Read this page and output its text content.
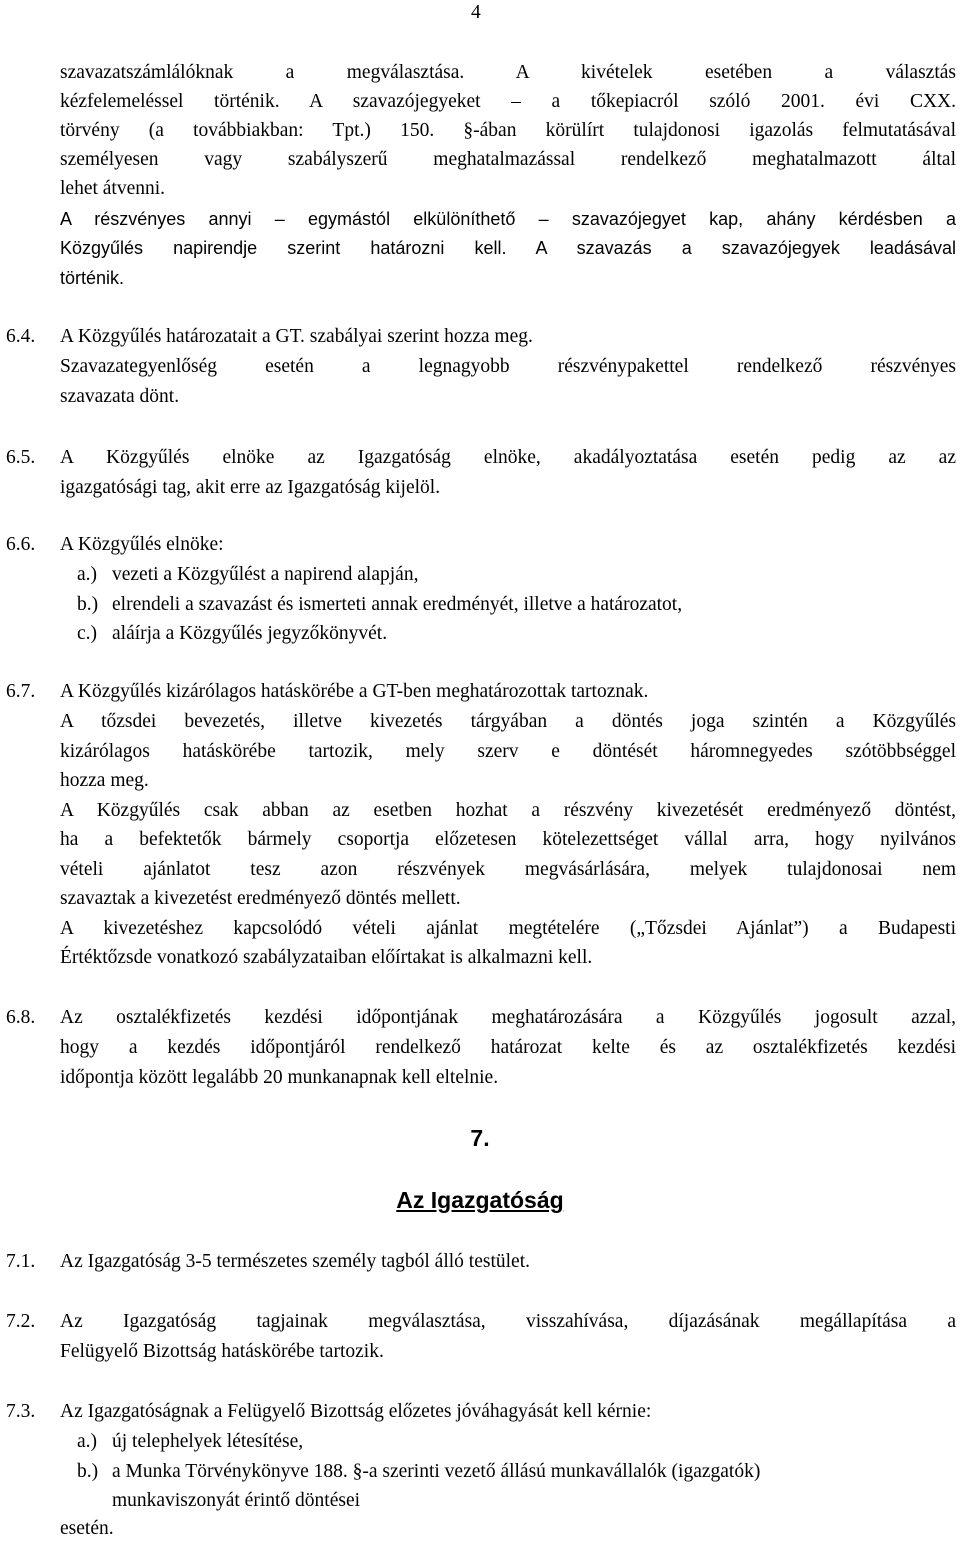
4
szavazatszámlálóknak a megválasztása. A kivételek esetében a választás
kézfelemeléssel történik. A szavazójegyeket – a tőkepiacról szóló 2001. évi CXX.
törvény (a továbbiakban: Tpt.) 150. §-ában körülírt tulajdonosi igazolás felmutatásával
személyesen vagy szabályszerű meghatalmazással rendelkező meghatalmazott által
lehet átvenni.
A részvényes annyi – egymástól elkülöníthető – szavazójegyet kap, ahány kérdésben a
Közgyűlés napirendje szerint határozni kell. A szavazás a szavazójegyek leadásával
történik.
6.4. A Közgyűlés határozatait a GT. szabályai szerint hozza meg.
Szavazategyenlőség esetén a legnagyobb részvénypakettel rendelkező részvényes
szavazata dönt.
6.5. A Közgyűlés elnöke az Igazgatóság elnöke, akadályoztatása esetén pedig az az
igazgatósági tag, akit erre az Igazgatóság kijelöl.
6.6. A Közgyűlés elnöke:
a.) vezeti a Közgyűlést a napirend alapján,
b.) elrendeli a szavazást és ismerteti annak eredményét, illetve a határozatot,
c.) aláírja a Közgyűlés jegyzőkönyvét.
6.7. A Közgyűlés kizárólagos hatáskörébe a GT-ben meghatározottak tartoznak.
A tőzsdei bevezetés, illetve kivezetés tárgyában a döntés joga szintén a Közgyűlés
kizárólagos hatáskörébe tartozik, mely szerv e döntését háromnegyedes szótöbbséggel
hozza meg.
A Közgyűlés csak abban az esetben hozhat a részvény kivezetését eredményező döntést,
ha a befektetők bármely csoportja előzetesen kötelezettséget vállal arra, hogy nyilvános
vételi ajánlatot tesz azon részvények megvásárlására, melyek tulajdonosai nem
szavaztak a kivezetést eredményező döntés mellett.
A kivezetéshez kapcsolódó vételi ajánlat megtételére („Tőzsdei Ajánlat”) a Budapesti
Értéktőzsde vonatkozó szabályzataiban előírtakat is alkalmazni kell.
6.8. Az osztalékfizetés kezdési időpontjának meghatározására a Közgyűlés jogosult azzal,
hogy a kezdés időpontjáról rendelkező határozat kelte és az osztalékfizetés kezdési
időpontja között legalább 20 munkanapnak kell eltelnie.
7.
Az Igazgatóság
7.1. Az Igazgatóság 3-5 természetes személy tagból álló testület.
7.2. Az Igazgatóság tagjainak megválasztása, visszahívása, díjazásának megállapítása a
Felügyelő Bizottság hatáskörébe tartozik.
7.3. Az Igazgatóságnak a Felügyelő Bizottság előzetes jóváhagyását kell kérnie:
a.) új telephelyek létesítése,
b.) a Munka Törvénykönyve 188. §-a szerinti vezető állású munkavállalók (igazgatók)
munkaviszonyát érintő döntései
esetén.
